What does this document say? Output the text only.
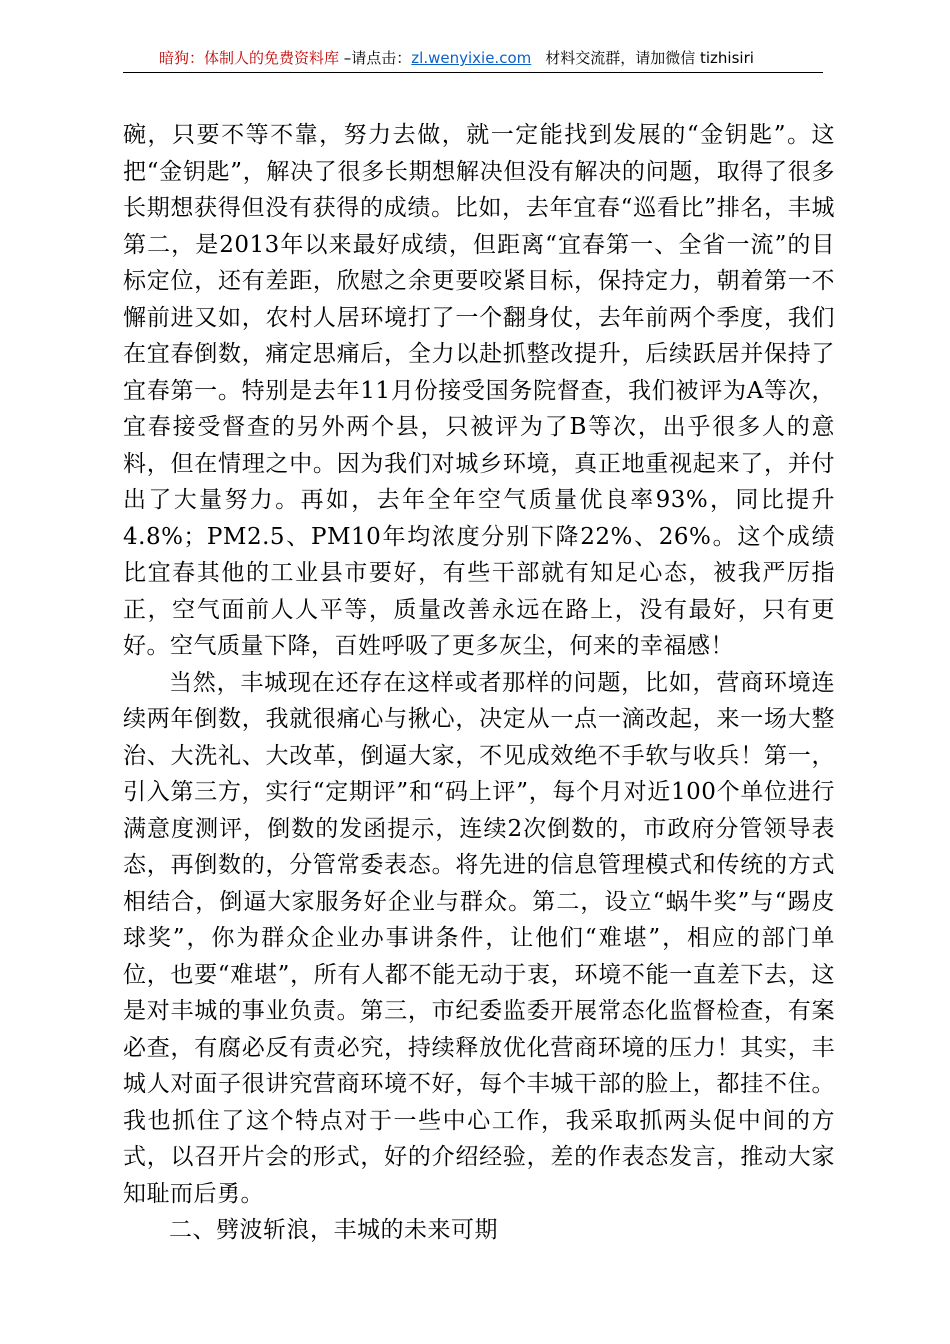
暗狗：体制人的免费资料库 –请点击：zl.wenyixie.com 材料交流群，请加微信 tizhisiri

碗，只要不等不靠，努力去做，就一定能找到发展的“金钥匙”。这把“金钥匙”，解决了很多长期想解决但没有解决的问题，取得了很多长期想获得但没有获得的成绩。比如，去年宜春“巡看比”排名，丰城第二，是2013年以来最好成绩，但距离“宜春第一、全省一流”的目标定位，还有差距，欣慰之余更要咬紧目标，保持定力，朝着第一不懈前进又如，农村人居环境打了一个翻身仗，去年前两个季度，我们在宜春倒数，痛定思痛后，全力以赴抓整改提升，后续跃居并保持了宜春第一。特别是去年11月份接受国务院督查，我们被评为A等次，宜春接受督查的另外两个县，只被评为了B等次，出乎很多人的意料，但在情理之中。因为我们对城乡环境，真正地重视起来了，并付出了大量努力。再如，去年全年空气质量优良率93%，同比提升4.8%；PM2.5、PM10年均浓度分别下降22%、26%。这个成绩比宜春其他的工业县市要好，有些干部就有知足心态，被我严厉指正，空气面前人人平等，质量改善永远在路上，没有最好，只有更好。空气质量下降，百姓呼吸了更多灰尘，何来的幸福感！

当然，丰城现在还存在这样或者那样的问题，比如，营商环境连续两年倒数，我就很痛心与揪心，决定从一点一滴改起，来一场大整治、大洗礼、大改革，倒逼大家，不见成效绝不手软与收兵！第一，引入第三方，实行“定期评”和“码上评”，每个月对近100个单位进行满意度测评，倒数的发函提示，连续2次倒数的，市政府分管领导表态，再倒数的，分管常委表态。将先进的信息管理模式和传统的方式相结合，倒逼大家服务好企业与群众。第二，设立“蜗牛奖”与“踢皮球奖”，你为群众企业办事讲条件，让他们“难堪”，相应的部门单位，也要“难堪”，所有人都不能无动于衷，环境不能一直差下去，这是对丰城的事业负责。第三，市纪委监委开展常态化监督检查，有案必查，有腐必反有责必究，持续释放优化营商环境的压力！其实，丰城人对面子很讲究营商环境不好，每个丰城干部的脸上，都挂不住。我也抓住了这个特点对于一些中心工作，我采取抓两头促中间的方式，以召开片会的形式，好的介绍经验，差的作表态发言，推动大家知耻而后勇。

二、劈波斩浪，丰城的未来可期
